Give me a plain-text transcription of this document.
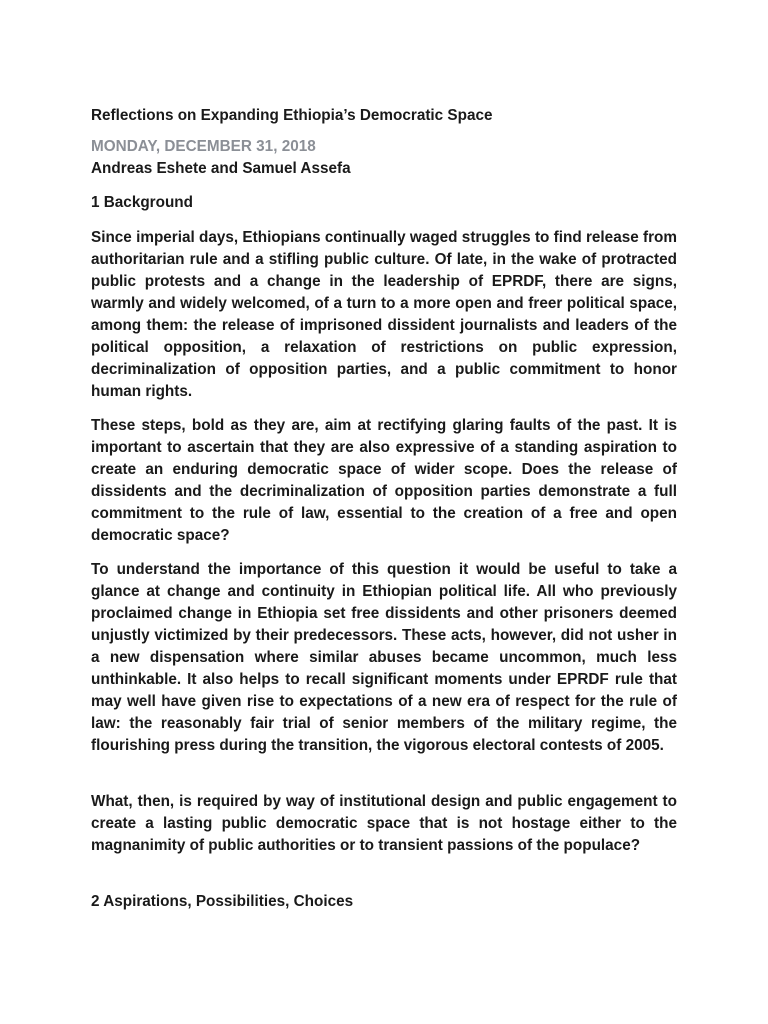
Reflections on Expanding Ethiopia’s Democratic Space
MONDAY, DECEMBER 31, 2018
Andreas Eshete and Samuel Assefa
1 Background

Since imperial days, Ethiopians continually waged struggles to find release from authoritarian rule and a stifling public culture. Of late, in the wake of protracted public protests and a change in the leadership of EPRDF, there are signs, warmly and widely welcomed, of a turn to a more open and freer political space, among them: the release of imprisoned dissident journalists and leaders of the political opposition, a relaxation of restrictions on public expression, decriminalization of opposition parties, and a public commitment to honor human rights.

These steps, bold as they are, aim at rectifying glaring faults of the past. It is important to ascertain that they are also expressive of a standing aspiration to create an enduring democratic space of wider scope. Does the release of dissidents and the decriminalization of opposition parties demonstrate a full commitment to the rule of law, essential to the creation of a free and open democratic space?

To understand the importance of this question it would be useful to take a glance at change and continuity in Ethiopian political life. All who previously proclaimed change in Ethiopia set free dissidents and other prisoners deemed unjustly victimized by their predecessors. These acts, however, did not usher in a new dispensation where similar abuses became uncommon, much less unthinkable. It also helps to recall significant moments under EPRDF rule that may well have given rise to expectations of a new era of respect for the rule of law: the reasonably fair trial of senior members of the military regime, the flourishing press during the transition, the vigorous electoral contests of 2005.

What, then, is required by way of institutional design and public engagement to create a lasting public democratic space that is not hostage either to the magnanimity of public authorities or to transient passions of the populace?

2 Aspirations, Possibilities, Choices
